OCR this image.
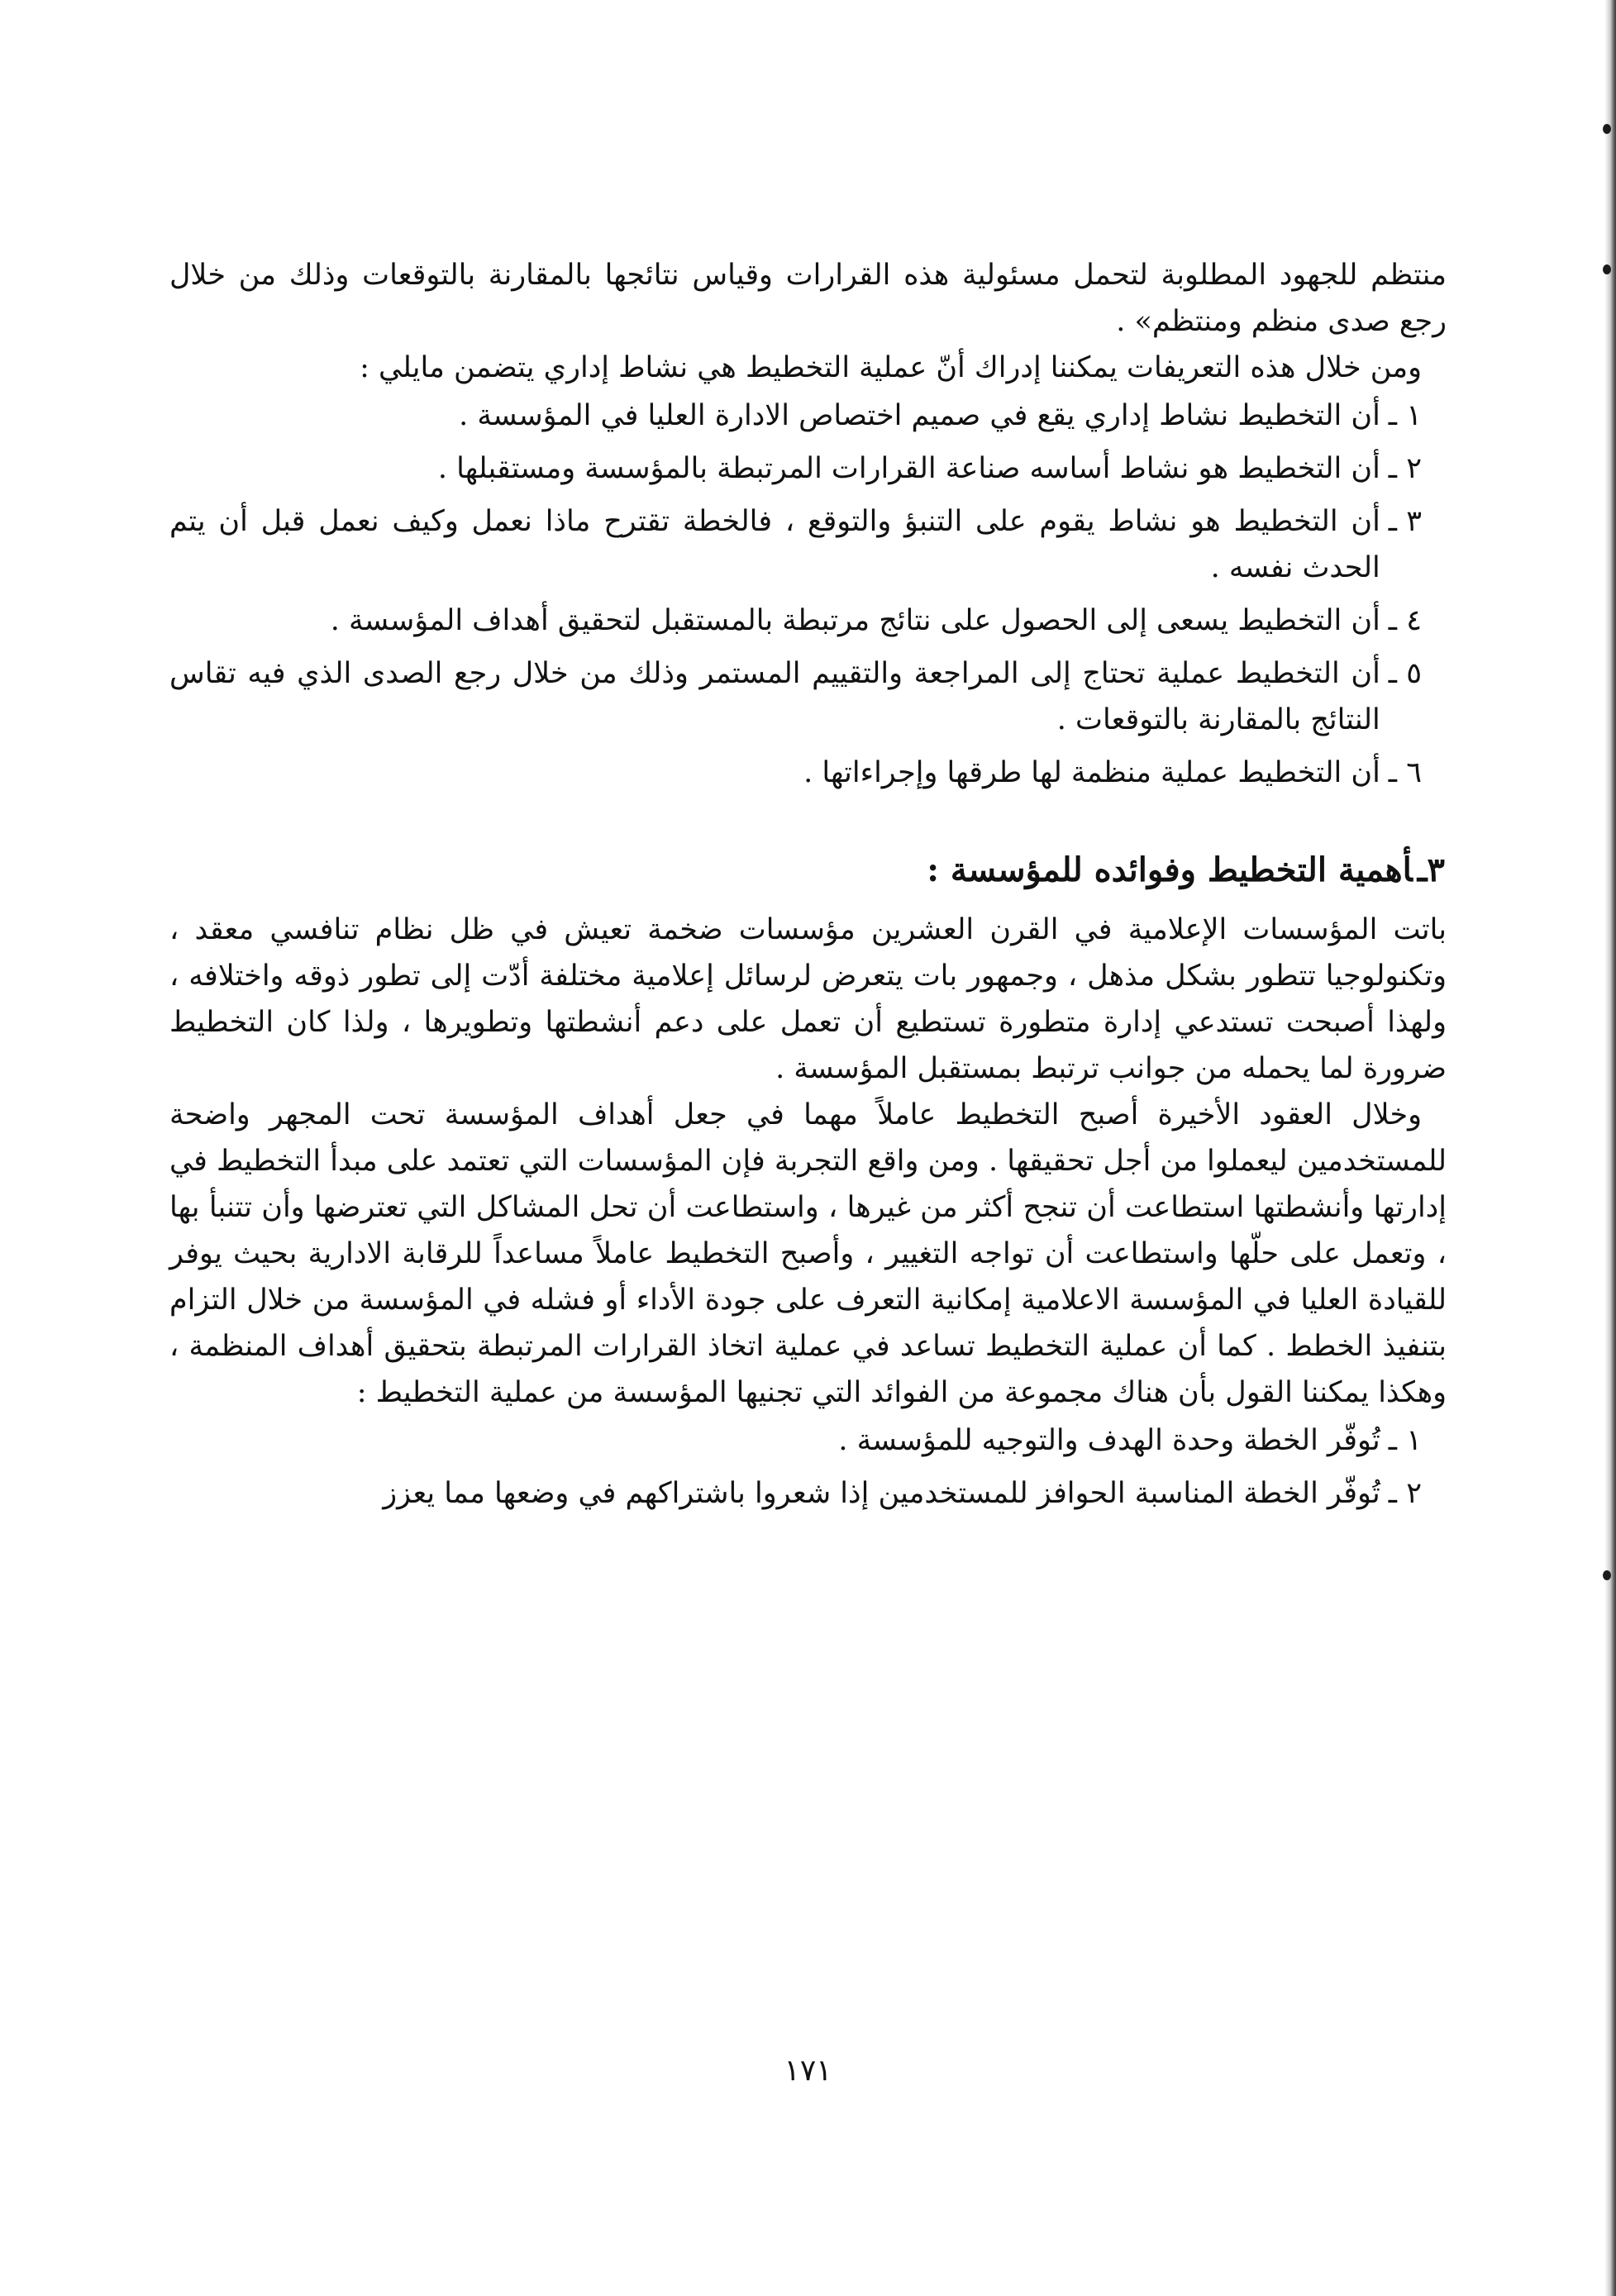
منتظم للجهود المطلوبة لتحمل مسئولية هذه القرارات وقياس نتائجها بالمقارنة بالتوقعات وذلك من خلال رجع صدى منظم ومنتظم» .

ومن خلال هذه التعريفات يمكننا إدراك أنّ عملية التخطيط هي نشاط إداري يتضمن مايلي :

١ ـ
أن التخطيط نشاط إداري يقع في صميم اختصاص الادارة العليا في المؤسسة .
٢ ـ
أن التخطيط هو نشاط أساسه صناعة القرارات المرتبطة بالمؤسسة ومستقبلها .
٣ ـ
أن التخطيط هو نشاط يقوم على التنبؤ والتوقع ، فالخطة تقترح ماذا نعمل وكيف نعمل قبل أن يتم الحدث نفسه .
٤ ـ
أن التخطيط يسعى إلى الحصول على نتائج مرتبطة بالمستقبل لتحقيق أهداف المؤسسة .
٥ ـ
أن التخطيط عملية تحتاج إلى المراجعة والتقييم المستمر وذلك من خلال رجع الصدى الذي فيه تقاس النتائج بالمقارنة بالتوقعات .
٦ ـ
أن التخطيط عملية منظمة لها طرقها وإجراءاتها .
٣ـأهمية التخطيط وفوائده للمؤسسة :

باتت المؤسسات الإعلامية في القرن العشرين مؤسسات ضخمة تعيش في ظل نظام تنافسي معقد ، وتكنولوجيا تتطور بشكل مذهل ، وجمهور بات يتعرض لرسائل إعلامية مختلفة أدّت إلى تطور ذوقه واختلافه ، ولهذا أصبحت تستدعي إدارة متطورة تستطيع أن تعمل على دعم أنشطتها وتطويرها ، ولذا كان التخطيط ضرورة لما يحمله من جوانب ترتبط بمستقبل المؤسسة .

وخلال العقود الأخيرة أصبح التخطيط عاملاً مهما في جعل أهداف المؤسسة تحت المجهر واضحة للمستخدمين ليعملوا من أجل تحقيقها . ومن واقع التجربة فإن المؤسسات التي تعتمد على مبدأ التخطيط في إدارتها وأنشطتها استطاعت أن تنجح أكثر من غيرها ، واستطاعت أن تحل المشاكل التي تعترضها وأن تتنبأ بها ، وتعمل على حلّها واستطاعت أن تواجه التغيير ، وأصبح التخطيط عاملاً مساعداً للرقابة الادارية بحيث يوفر للقيادة العليا في المؤسسة الاعلامية إمكانية التعرف على جودة الأداء أو فشله في المؤسسة من خلال التزام بتنفيذ الخطط . كما أن عملية التخطيط تساعد في عملية اتخاذ القرارات المرتبطة بتحقيق أهداف المنظمة ، وهكذا يمكننا القول بأن هناك مجموعة من الفوائد التي تجنيها المؤسسة من عملية التخطيط :

١ ـ
تُوفّر الخطة وحدة الهدف والتوجيه للمؤسسة .
٢ ـ
تُوفّر الخطة المناسبة الحوافز للمستخدمين إذا شعروا باشتراكهم في وضعها مما يعزز
١٧١
